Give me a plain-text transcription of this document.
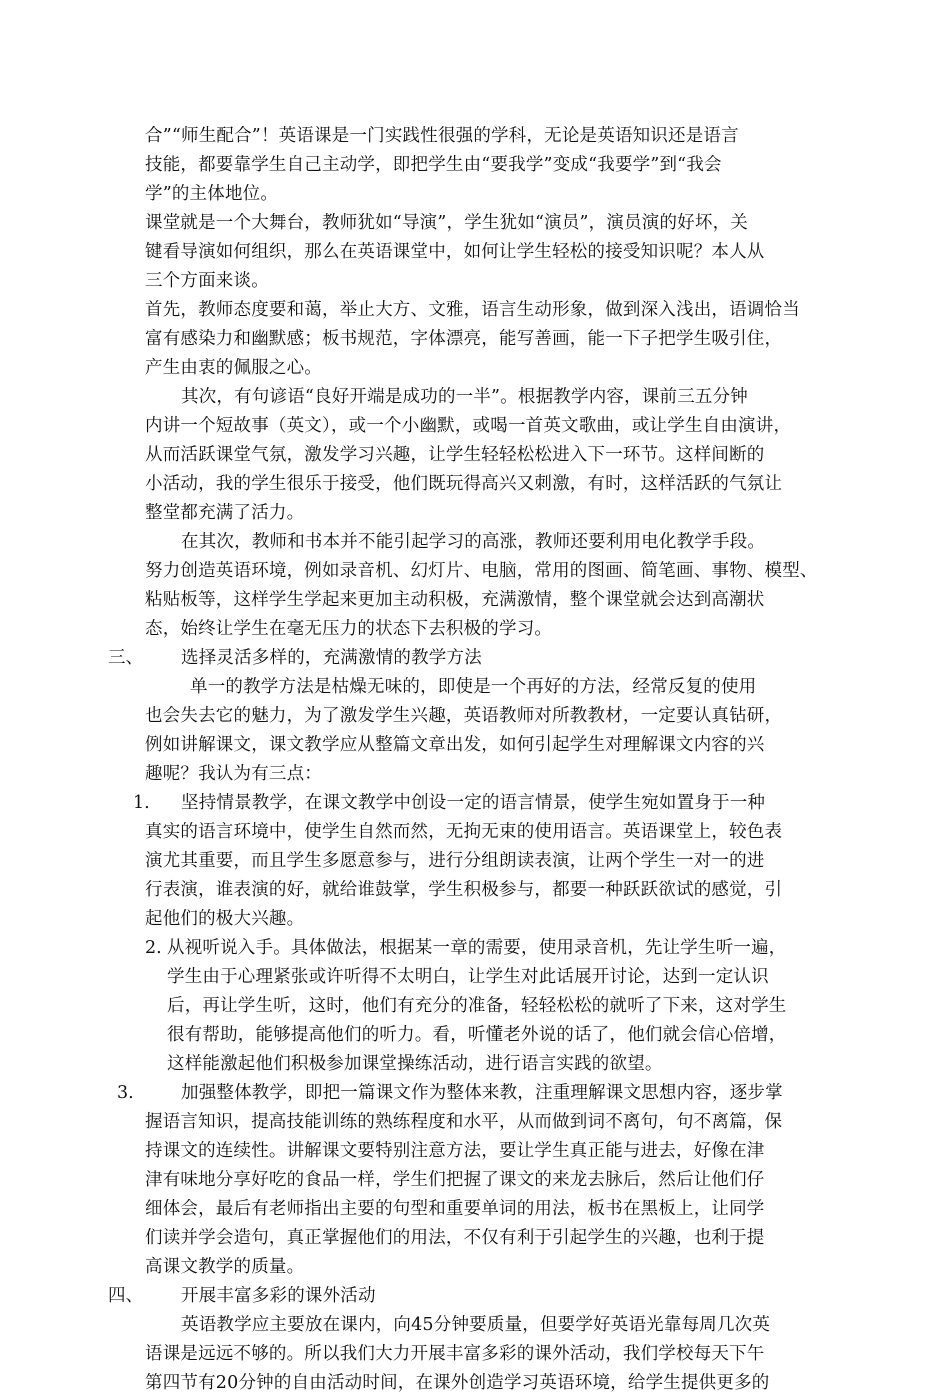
合”“师生配合”！英语课是一门实践性很强的学科，无论是英语知识还是语言
技能，都要靠学生自己主动学，即把学生由“要我学”变成“我要学”到“我会
学”的主体地位。
课堂就是一个大舞台，教师犹如“导演”，学生犹如“演员”，演员演的好坏，关
键看导演如何组织，那么在英语课堂中，如何让学生轻松的接受知识呢？本人从
三个方面来谈。
首先，教师态度要和蔼，举止大方、文雅，语言生动形象，做到深入浅出，语调恰当
富有感染力和幽默感；板书规范，字体漂亮，能写善画，能一下子把学生吸引住，
产生由衷的佩服之心。
其次，有句谚语“良好开端是成功的一半”。根据教学内容，课前三五分钟
内讲一个短故事（英文），或一个小幽默，或喝一首英文歌曲，或让学生自由演讲，
从而活跃课堂气氛，激发学习兴趣，让学生轻轻松松进入下一环节。这样间断的
小活动，我的学生很乐于接受，他们既玩得高兴又刺激，有时，这样活跃的气氛让
整堂都充满了活力。
在其次，教师和书本并不能引起学习的高涨，教师还要利用电化教学手段。
努力创造英语环境，例如录音机、幻灯片、电脑，常用的图画、简笔画、事物、模型、
粘贴板等，这样学生学起来更加主动积极，充满激情，整个课堂就会达到高潮状
态，始终让学生在毫无压力的状态下去积极的学习。
三、 选择灵活多样的，充满激情的教学方法
单一的教学方法是枯燥无味的，即使是一个再好的方法，经常反复的使用
也会失去它的魅力，为了激发学生兴趣，英语教师对所教教材，一定要认真钻研，
例如讲解课文，课文教学应从整篇文章出发，如何引起学生对理解课文内容的兴
趣呢？我认为有三点：
1. 坚持情景教学，在课文教学中创设一定的语言情景，使学生宛如置身于一种
真实的语言环境中，使学生自然而然，无拘无束的使用语言。英语课堂上，较色表
演尤其重要，而且学生多愿意参与，进行分组朗读表演，让两个学生一对一的进
行表演，谁表演的好，就给谁鼓掌，学生积极参与，都要一种跃跃欲试的感觉，引
起他们的极大兴趣。
2. 从视听说入手。具体做法，根据某一章的需要，使用录音机，先让学生听一遍，
学生由于心理紧张或许听得不太明白，让学生对此话展开讨论，达到一定认识
后，再让学生听，这时，他们有充分的准备，轻轻松松的就听了下来，这对学生
很有帮助，能够提高他们的听力。看，听懂老外说的话了，他们就会信心倍增，
这样能激起他们积极参加课堂操练活动，进行语言实践的欲望。
3.	加强整体教学，即把一篇课文作为整体来教，注重理解课文思想内容，逐步掌
握语言知识，提高技能训练的熟练程度和水平，从而做到词不离句，句不离篇，保
持课文的连续性。讲解课文要特别注意方法，要让学生真正能与进去，好像在津
津有味地分享好吃的食品一样，学生们把握了课文的来龙去脉后，然后让他们仔
细体会，最后有老师指出主要的句型和重要单词的用法，板书在黑板上，让同学
们读并学会造句，真正掌握他们的用法，不仅有利于引起学生的兴趣，也利于提
高课文教学的质量。
四、 开展丰富多彩的课外活动
英语教学应主要放在课内，向45分钟要质量，但要学好英语光靠每周几次英
语课是远远不够的。所以我们大力开展丰富多彩的课外活动，我们学校每天下午
第四节有20分钟的自由活动时间，在课外创造学习英语环境，给学生提供更多的
